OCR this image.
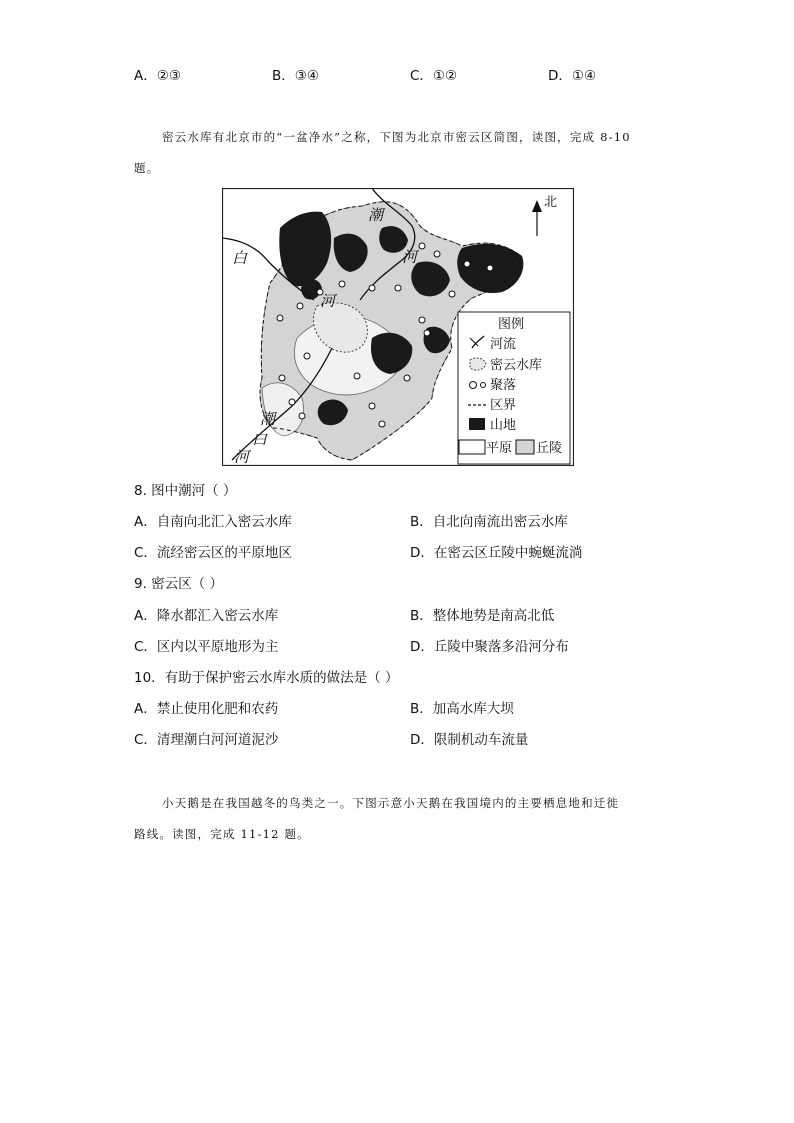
A．②③	B．③④	C．①②	D．①④
密云水库有北京市的“一盆净水”之称，下图为北京市密云区简图，读图，完成 8-10
题。
潮
河
白
河
潮
白
河
北
图例
河流
密云水库
聚落
区界
山地
平原 丘陵
8. 图中潮河（ ）
A．自南向北汇入密云水库	B．自北向南流出密云水库
C．流经密云区的平原地区	D．在密云区丘陵中蜿蜒流淌
9. 密云区（ ）
A．降水都汇入密云水库	B．整体地势是南高北低
C．区内以平原地形为主	D．丘陵中聚落多沿河分布
10．有助于保护密云水库水质的做法是（ ）
A．禁止使用化肥和农药	B．加高水库大坝
C．清理潮白河河道泥沙	D．限制机动车流量
小天鹅是在我国越冬的鸟类之一。下图示意小天鹅在我国境内的主要栖息地和迁徙
路线。读图，完成 11-12 题。
